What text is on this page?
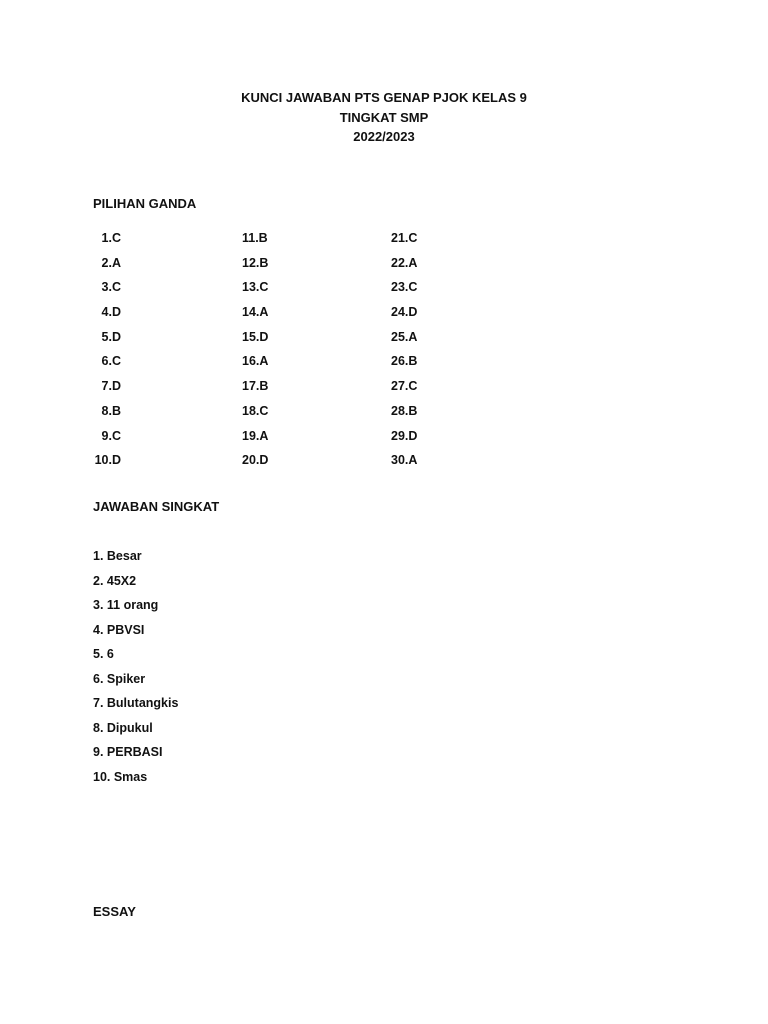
KUNCI JAWABAN PTS GENAP PJOK KELAS 9

TINGKAT SMP

2022/2023

PILIHAN GANDA

1.C
2.A
3.C
4.D
5.D
6.C
7.D
8.B
9.C
10.D
11.B
12.B
13.C
14.A
15.D
16.A
17.B
18.C
19.A
20.D
21.C
22.A
23.C
24.D
25.A
26.B
27.C
28.B
29.D
30.A

JAWABAN SINGKAT

1. Besar
2. 45X2
3. 11 orang
4. PBVSI
5. 6
6. Spiker
7. Bulutangkis
8. Dipukul
9. PERBASI
10. Smas

ESSAY
